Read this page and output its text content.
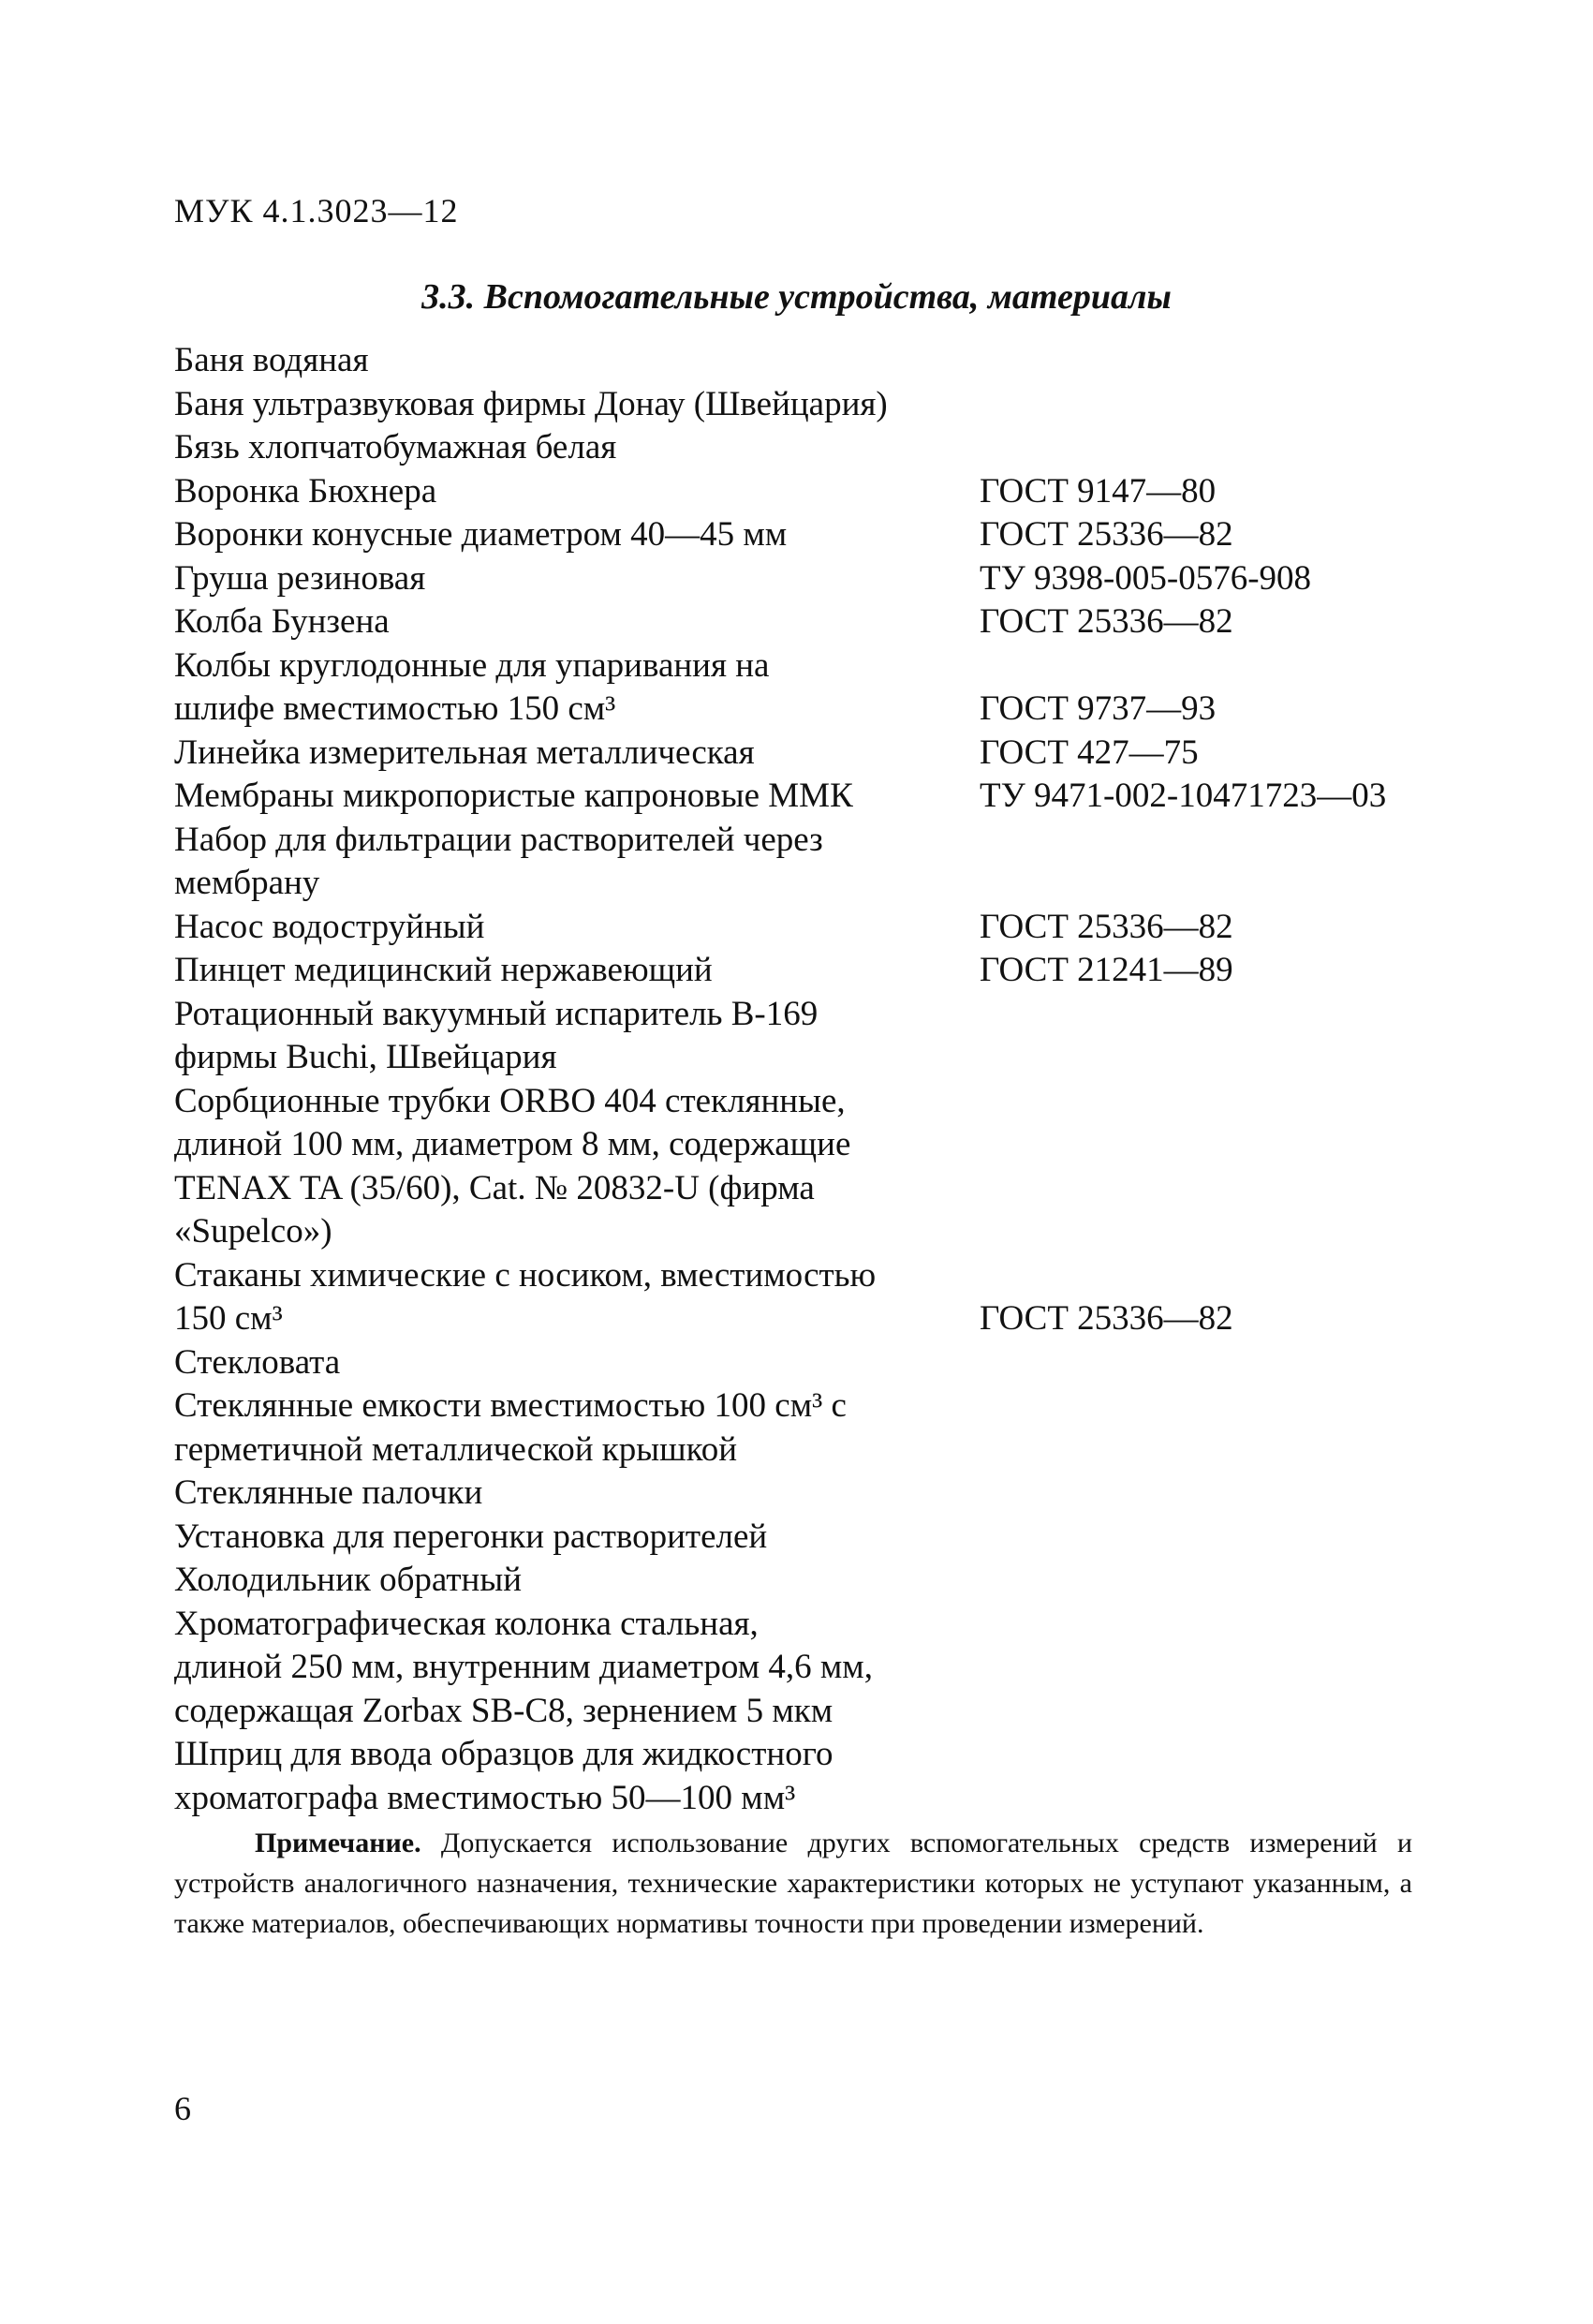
МУК 4.1.3023—12
3.3. Вспомогательные устройства, материалы
Баня водяная
Баня ультразвуковая фирмы Донау (Швейцария)
Бязь хлопчатобумажная белая
Воронка Бюхнера	ГОСТ 9147—80
Воронки конусные диаметром 40—45 мм	ГОСТ 25336—82
Груша резиновая	ТУ 9398-005-0576-908
Колба Бунзена	ГОСТ 25336—82
Колбы круглодонные для упаривания на
шлифе вместимостью 150 см³	ГОСТ 9737—93
Линейка измерительная металлическая	ГОСТ 427—75
Мембраны микропористые капроновые ММК	ТУ 9471-002-10471723—03
Набор для фильтрации растворителей через
мембрану
Насос водоструйный	ГОСТ 25336—82
Пинцет медицинский нержавеющий	ГОСТ 21241—89
Ротационный вакуумный испаритель В-169
фирмы Buchi, Швейцария
Сорбционные трубки ORBO 404 стеклянные,
длиной 100 мм, диаметром 8 мм, содержащие
TENAX TA (35/60), Cat. № 20832-U (фирма
«Supelco»)
Стаканы химические с носиком, вместимостью
150 см³	ГОСТ 25336—82
Стекловата
Стеклянные емкости вместимостью 100 см³ с
герметичной металлической крышкой
Стеклянные палочки
Установка для перегонки растворителей
Холодильник обратный
Хроматографическая колонка стальная,
длиной 250 мм, внутренним диаметром 4,6 мм,
содержащая Zorbax SB-C8, зернением 5 мкм
Шприц для ввода образцов для жидкостного
хроматографа вместимостью 50—100 мм³
Примечание. Допускается использование других вспомогательных средств измерений и устройств аналогичного назначения, технические характеристики которых не уступают указанным, а также материалов, обеспечивающих нормативы точности при проведении измерений.
6
